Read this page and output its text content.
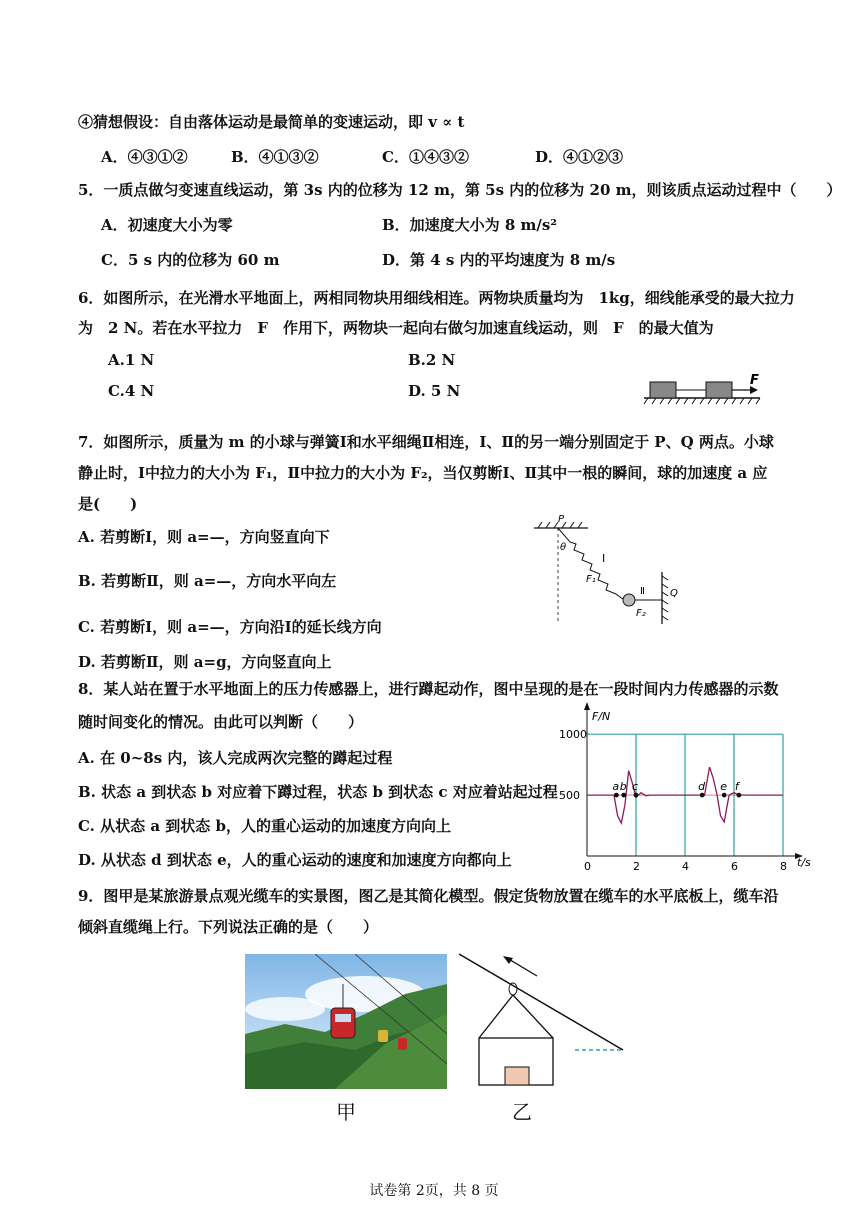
④猜想假设：自由落体运动是最简单的变速运动，即 v ∝ t
A．④③①②	B．④①③②	C．①④③②	D．④①②③
5．一质点做匀变速直线运动，第 3s 内的位移为 12 m，第 5s 内的位移为 20 m，则该质点运动过程中（　　）
A．初速度大小为零	B．加速度大小为 8 m/s²
C．5 s 内的位移为 60 m	D．第 4 s 内的平均速度为 8 m/s
6．如图所示，在光滑水平地面上，两相同物块用细线相连。两物块质量均为　1kg，细线能承受的最大拉力
为　2 N。若在水平拉力　F　作用下，两物块一起向右做匀加速直线运动，则　F　的最大值为
A.1 N	B.2 N
C.4 N	D. 5 N
F
7．如图所示，质量为 m 的小球与弹簧Ⅰ和水平细绳Ⅱ相连，Ⅰ、Ⅱ的另一端分别固定于 P、Q 两点。小球
静止时，Ⅰ中拉力的大小为 F₁，Ⅱ中拉力的大小为 F₂，当仅剪断Ⅰ、Ⅱ其中一根的瞬间，球的加速度 a 应
是(　　)
A. 若剪断Ⅰ，则 a=—，方向竖直向下
B. 若剪断Ⅱ，则 a=—，方向水平向左
C. 若剪断Ⅰ，则 a=—，方向沿Ⅰ的延长线方向
D. 若剪断Ⅱ，则 a=g，方向竖直向上
P
θ
Ⅰ
F₁
Ⅱ
F₂
Q
8．某人站在置于水平地面上的压力传感器上，进行蹲起动作，图中呈现的是在一段时间内力传感器的示数
随时间变化的情况。由此可以判断（　　）
A. 在 0~8s 内，该人完成两次完整的蹲起过程
B. 状态 a 到状态 b 对应着下蹲过程，状态 b 到状态 c 对应着站起过程
C. 从状态 a 到状态 b，人的重心运动的加速度方向向上
D. 从状态 d 到状态 e，人的重心运动的速度和加速度方向都向上	0	2	4	6	8
500
1000
F/N
t/s
a b c	d e f
9．图甲是某旅游景点观光缆车的实景图，图乙是其简化模型。假定货物放置在缆车的水平底板上，缆车沿
倾斜直缆绳上行。下列说法正确的是（　　）
甲	乙
试卷第 2页，共 8 页
